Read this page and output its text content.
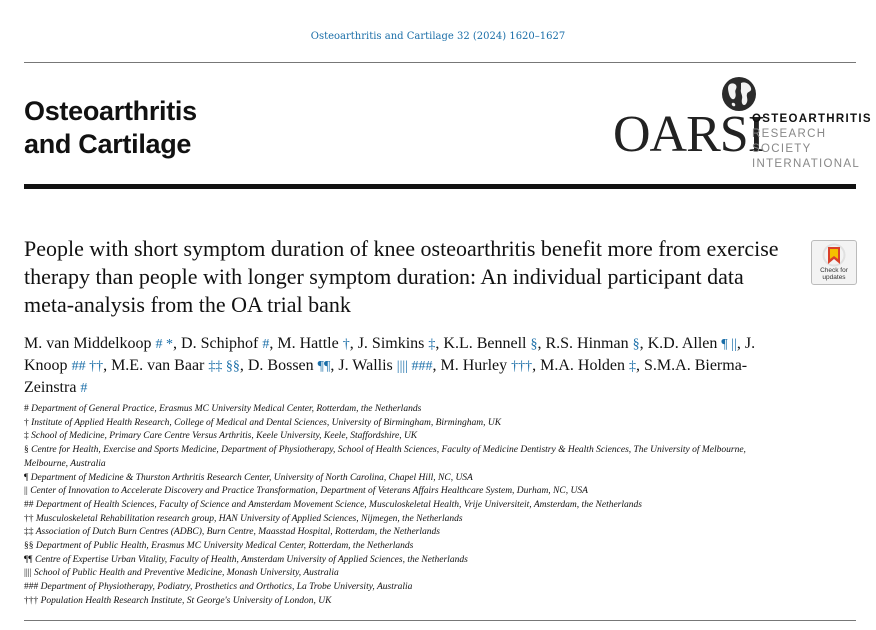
Osteoarthritis and Cartilage 32 (2024) 1620–1627
Osteoarthritis
and Cartilage	OARSI
OSTEOARTHRITIS
RESEARCH SOCIETY
INTERNATIONAL
People with short symptom duration of knee osteoarthritis benefit more from exercise therapy than people with longer symptom duration: An individual participant data meta-analysis from the OA trial bank
Check for
updates
M. van Middelkoop # *, D. Schiphof #, M. Hattle †, J. Simkins ‡, K.L. Bennell §, R.S. Hinman §, K.D. Allen ¶ ||, J. Knoop ## ††, M.E. van Baar ‡‡ §§, D. Bossen ¶¶, J. Wallis |||| ###, M. Hurley †††, M.A. Holden ‡, S.M.A. Bierma-Zeinstra #
# Department of General Practice, Erasmus MC University Medical Center, Rotterdam, the Netherlands
† Institute of Applied Health Research, College of Medical and Dental Sciences, University of Birmingham, Birmingham, UK
‡ School of Medicine, Primary Care Centre Versus Arthritis, Keele University, Keele, Staffordshire, UK
§ Centre for Health, Exercise and Sports Medicine, Department of Physiotherapy, School of Health Sciences, Faculty of Medicine Dentistry & Health Sciences, The University of Melbourne, Melbourne, Australia
¶ Department of Medicine & Thurston Arthritis Research Center, University of North Carolina, Chapel Hill, NC, USA
|| Center of Innovation to Accelerate Discovery and Practice Transformation, Department of Veterans Affairs Healthcare System, Durham, NC, USA
## Department of Health Sciences, Faculty of Science and Amsterdam Movement Science, Musculoskeletal Health, Vrije Universiteit, Amsterdam, the Netherlands
†† Musculoskeletal Rehabilitation research group, HAN University of Applied Sciences, Nijmegen, the Netherlands
‡‡ Association of Dutch Burn Centres (ADBC), Burn Centre, Maasstad Hospital, Rotterdam, the Netherlands
§§ Department of Public Health, Erasmus MC University Medical Center, Rotterdam, the Netherlands
¶¶ Centre of Expertise Urban Vitality, Faculty of Health, Amsterdam University of Applied Sciences, the Netherlands
|||| School of Public Health and Preventive Medicine, Monash University, Australia
### Department of Physiotherapy, Podiatry, Prosthetics and Orthotics, La Trobe University, Australia
††† Population Health Research Institute, St George's University of London, UK
